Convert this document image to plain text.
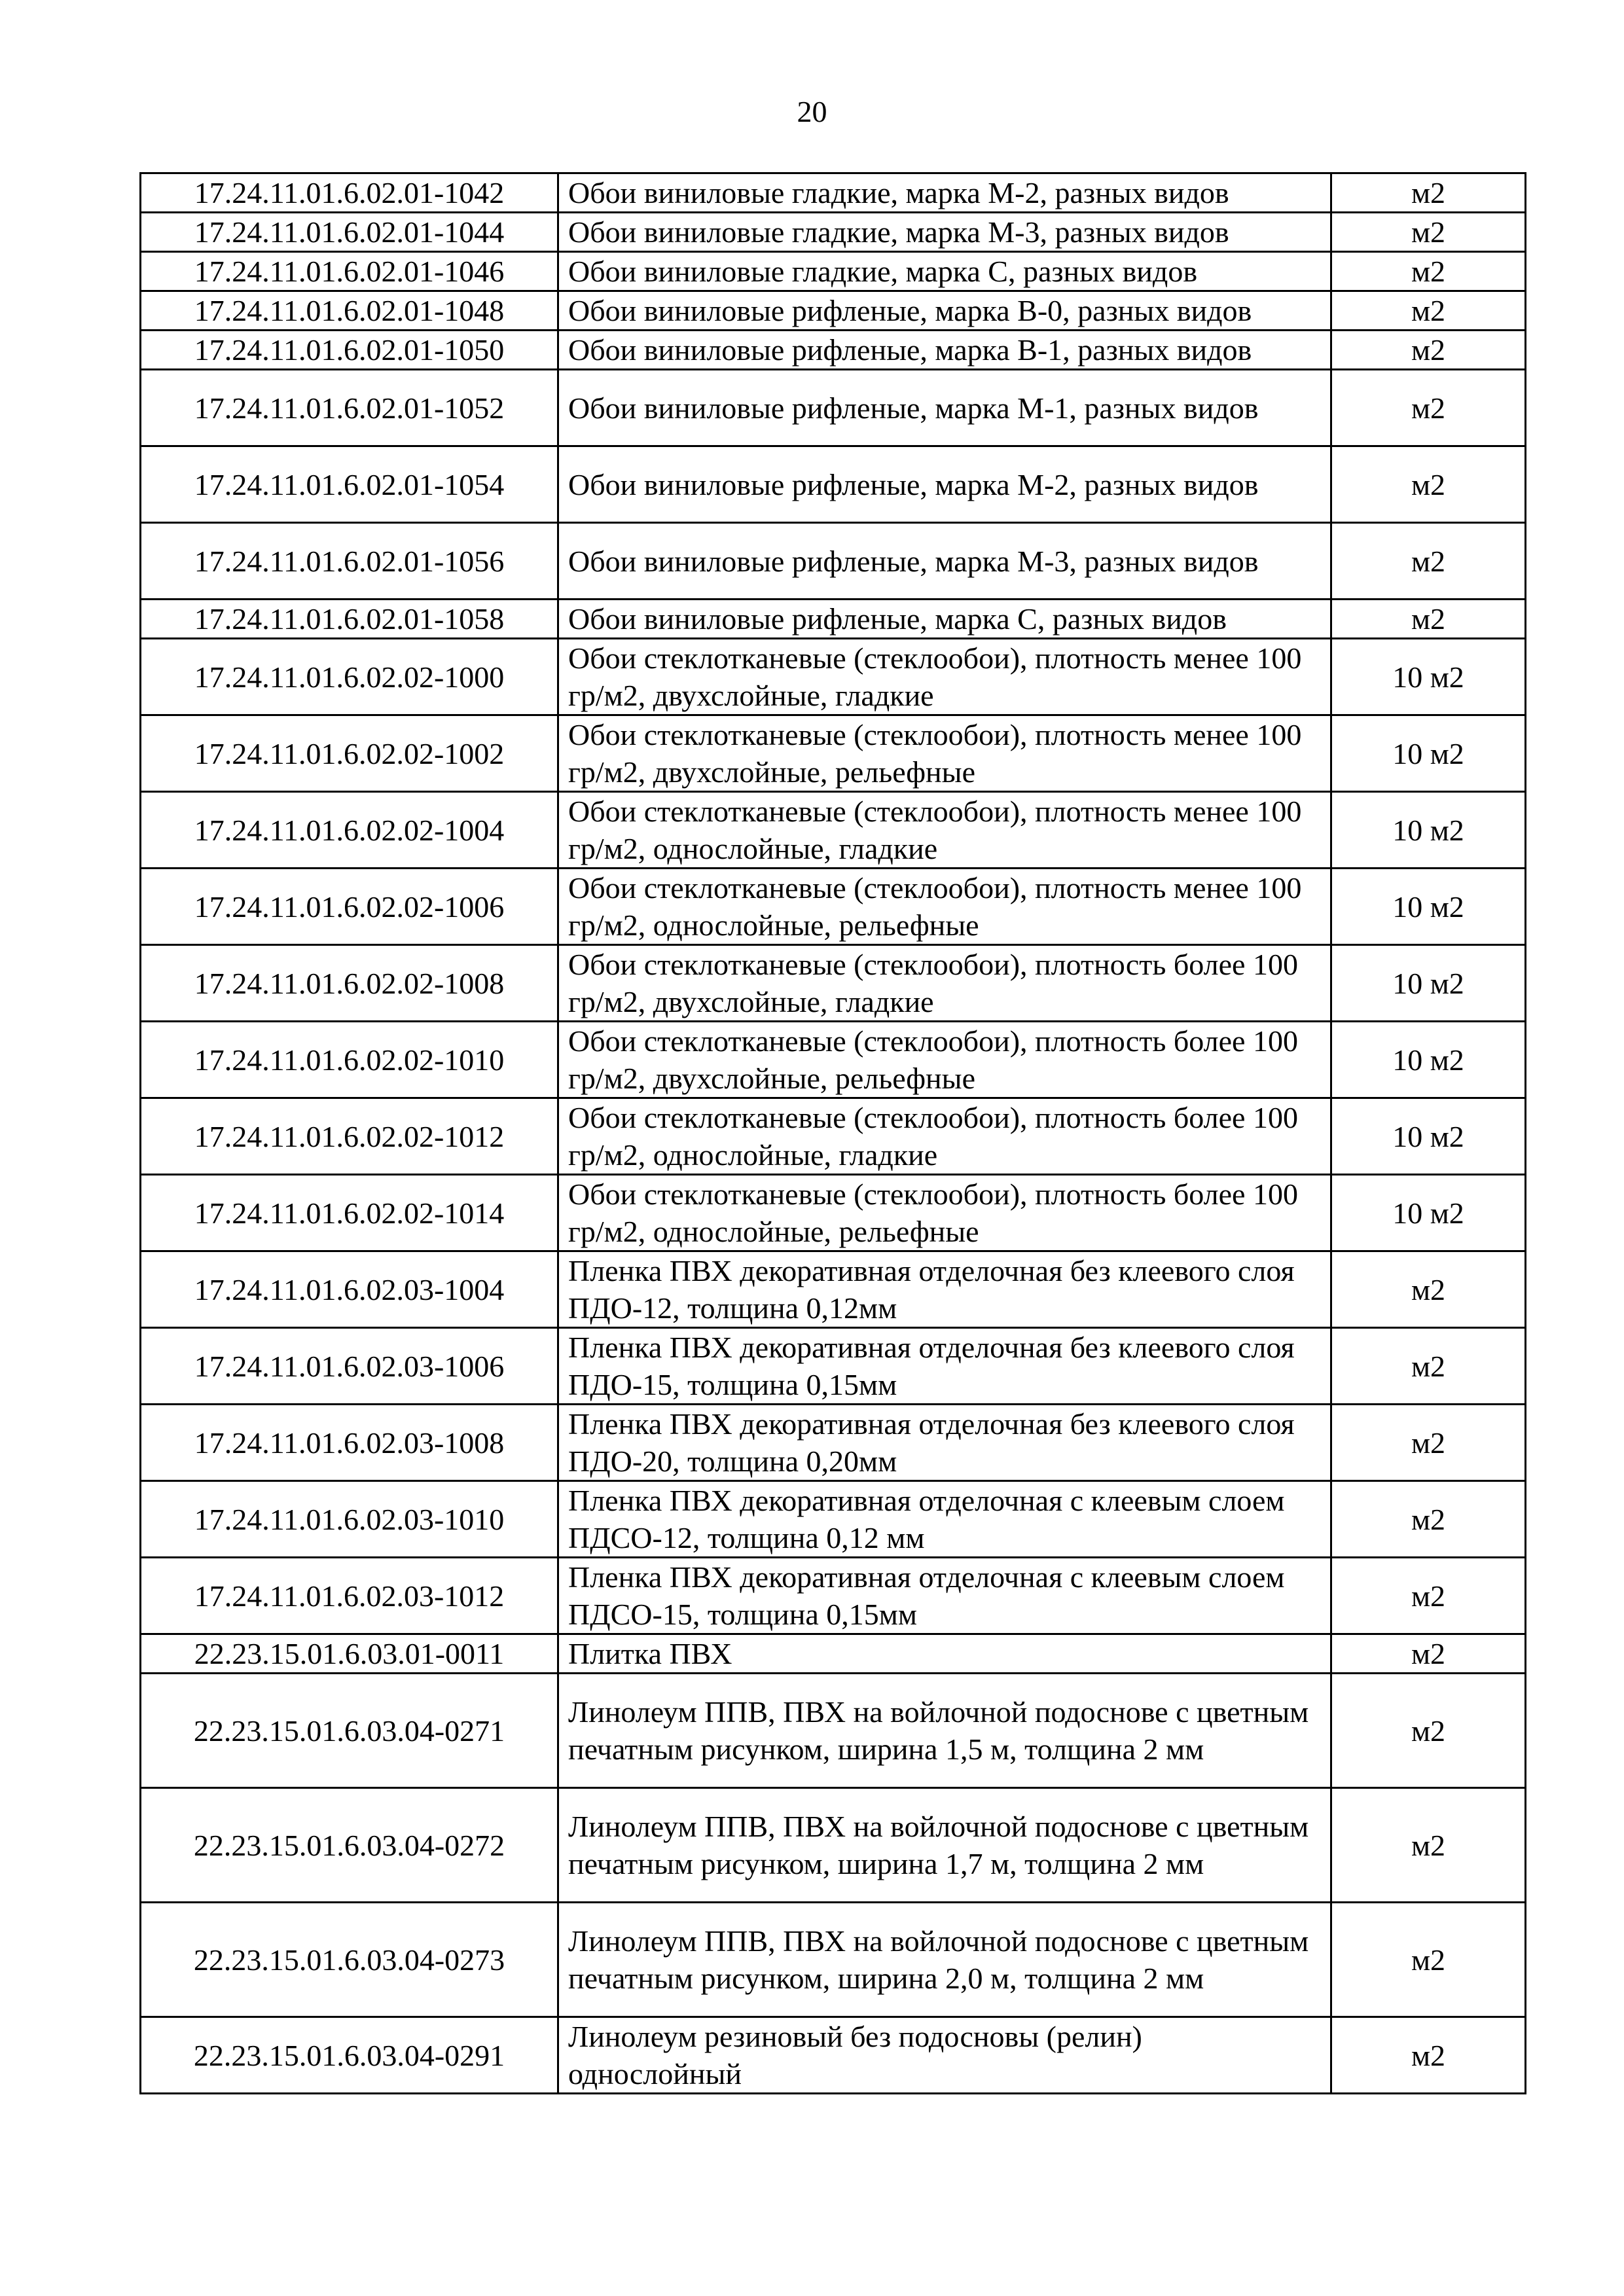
20
17.24.11.01.6.02.01-1042	Обои виниловые гладкие, марка М-2, разных видов	м2
17.24.11.01.6.02.01-1044	Обои виниловые гладкие, марка М-3, разных видов	м2
17.24.11.01.6.02.01-1046	Обои виниловые гладкие, марка С, разных видов	м2
17.24.11.01.6.02.01-1048	Обои виниловые рифленые, марка В-0, разных видов	м2
17.24.11.01.6.02.01-1050	Обои виниловые рифленые, марка В-1, разных видов	м2
17.24.11.01.6.02.01-1052	Обои виниловые рифленые, марка М-1, разных видов	м2
17.24.11.01.6.02.01-1054	Обои виниловые рифленые, марка М-2, разных видов	м2
17.24.11.01.6.02.01-1056	Обои виниловые рифленые, марка М-3, разных видов	м2
17.24.11.01.6.02.01-1058	Обои виниловые рифленые, марка С, разных видов	м2
17.24.11.01.6.02.02-1000	Обои стеклотканевые (стеклообои), плотность менее 100 гр/м2, двухслойные, гладкие	10 м2
17.24.11.01.6.02.02-1002	Обои стеклотканевые (стеклообои), плотность менее 100 гр/м2, двухслойные, рельефные	10 м2
17.24.11.01.6.02.02-1004	Обои стеклотканевые (стеклообои), плотность менее 100 гр/м2, однослойные, гладкие	10 м2
17.24.11.01.6.02.02-1006	Обои стеклотканевые (стеклообои), плотность менее 100 гр/м2, однослойные, рельефные	10 м2
17.24.11.01.6.02.02-1008	Обои стеклотканевые (стеклообои), плотность более 100 гр/м2, двухслойные, гладкие	10 м2
17.24.11.01.6.02.02-1010	Обои стеклотканевые (стеклообои), плотность более 100 гр/м2, двухслойные, рельефные	10 м2
17.24.11.01.6.02.02-1012	Обои стеклотканевые (стеклообои), плотность более 100 гр/м2, однослойные, гладкие	10 м2
17.24.11.01.6.02.02-1014	Обои стеклотканевые (стеклообои), плотность более 100 гр/м2, однослойные, рельефные	10 м2
17.24.11.01.6.02.03-1004	Пленка ПВХ декоративная отделочная без клеевого слоя ПДО-12, толщина 0,12мм	м2
17.24.11.01.6.02.03-1006	Пленка ПВХ декоративная отделочная без клеевого слоя ПДО-15, толщина 0,15мм	м2
17.24.11.01.6.02.03-1008	Пленка ПВХ декоративная отделочная без клеевого слоя ПДО-20, толщина 0,20мм	м2
17.24.11.01.6.02.03-1010	Пленка ПВХ декоративная отделочная с клеевым слоем ПДСО-12, толщина 0,12 мм	м2
17.24.11.01.6.02.03-1012	Пленка ПВХ декоративная отделочная с клеевым слоем ПДСО-15, толщина 0,15мм	м2
22.23.15.01.6.03.01-0011	Плитка ПВХ	м2
22.23.15.01.6.03.04-0271	Линолеум ППВ, ПВХ на войлочной подоснове с цветным печатным рисунком, ширина 1,5 м, толщина 2 мм	м2
22.23.15.01.6.03.04-0272	Линолеум ППВ, ПВХ на войлочной подоснове с цветным печатным рисунком, ширина 1,7 м, толщина 2 мм	м2
22.23.15.01.6.03.04-0273	Линолеум ППВ, ПВХ на войлочной подоснове с цветным печатным рисунком, ширина 2,0 м, толщина 2 мм	м2
22.23.15.01.6.03.04-0291	Линолеум резиновый без подосновы (релин) однослойный	м2
